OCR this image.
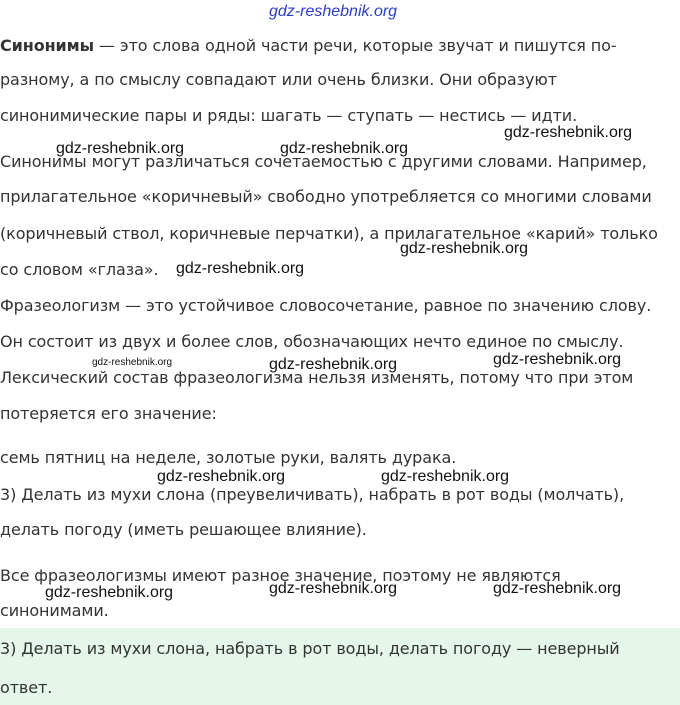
gdz-reshebnik.org
Синонимы — это слова одной части речи, которые звучат и пишутся по-
разному, а по смыслу совпадают или очень близки. Они образуют
синонимические пары и ряды: шагать — ступать — нестись — идти.
Синонимы могут различаться сочетаемостью с другими словами. Например,
прилагательное «коричневый» свободно употребляется со многими словами
(коричневый ствол, коричневые перчатки), а прилагательное «карий» только
со словом «глаза».
Фразеологизм — это устойчивое словосочетание, равное по значению слову.
Он состоит из двух и более слов, обозначающих нечто единое по смыслу.
Лексический состав фразеологизма нельзя изменять, потому что при этом
потеряется его значение:
семь пятниц на неделе, золотые руки, валять дурака.
3) Делать из мухи слона (преувеличивать), набрать в рот воды (молчать),
делать погоду (иметь решающее влияние).
Все фразеологизмы имеют разное значение, поэтому не являются
синонимами.
3) Делать из мухи слона, набрать в рот воды, делать погоду — неверный
ответ.
gdz-reshebnik.org	gdz-reshebnik.org
gdz-reshebnik.org
gdz-reshebnik.org
gdz-reshebnik.org
gdz-reshebnik.org	gdz-reshebnik.org	gdz-reshebnik.org
gdz-reshebnik.org	gdz-reshebnik.org
gdz-reshebnik.org	gdz-reshebnik.org	gdz-reshebnik.org
